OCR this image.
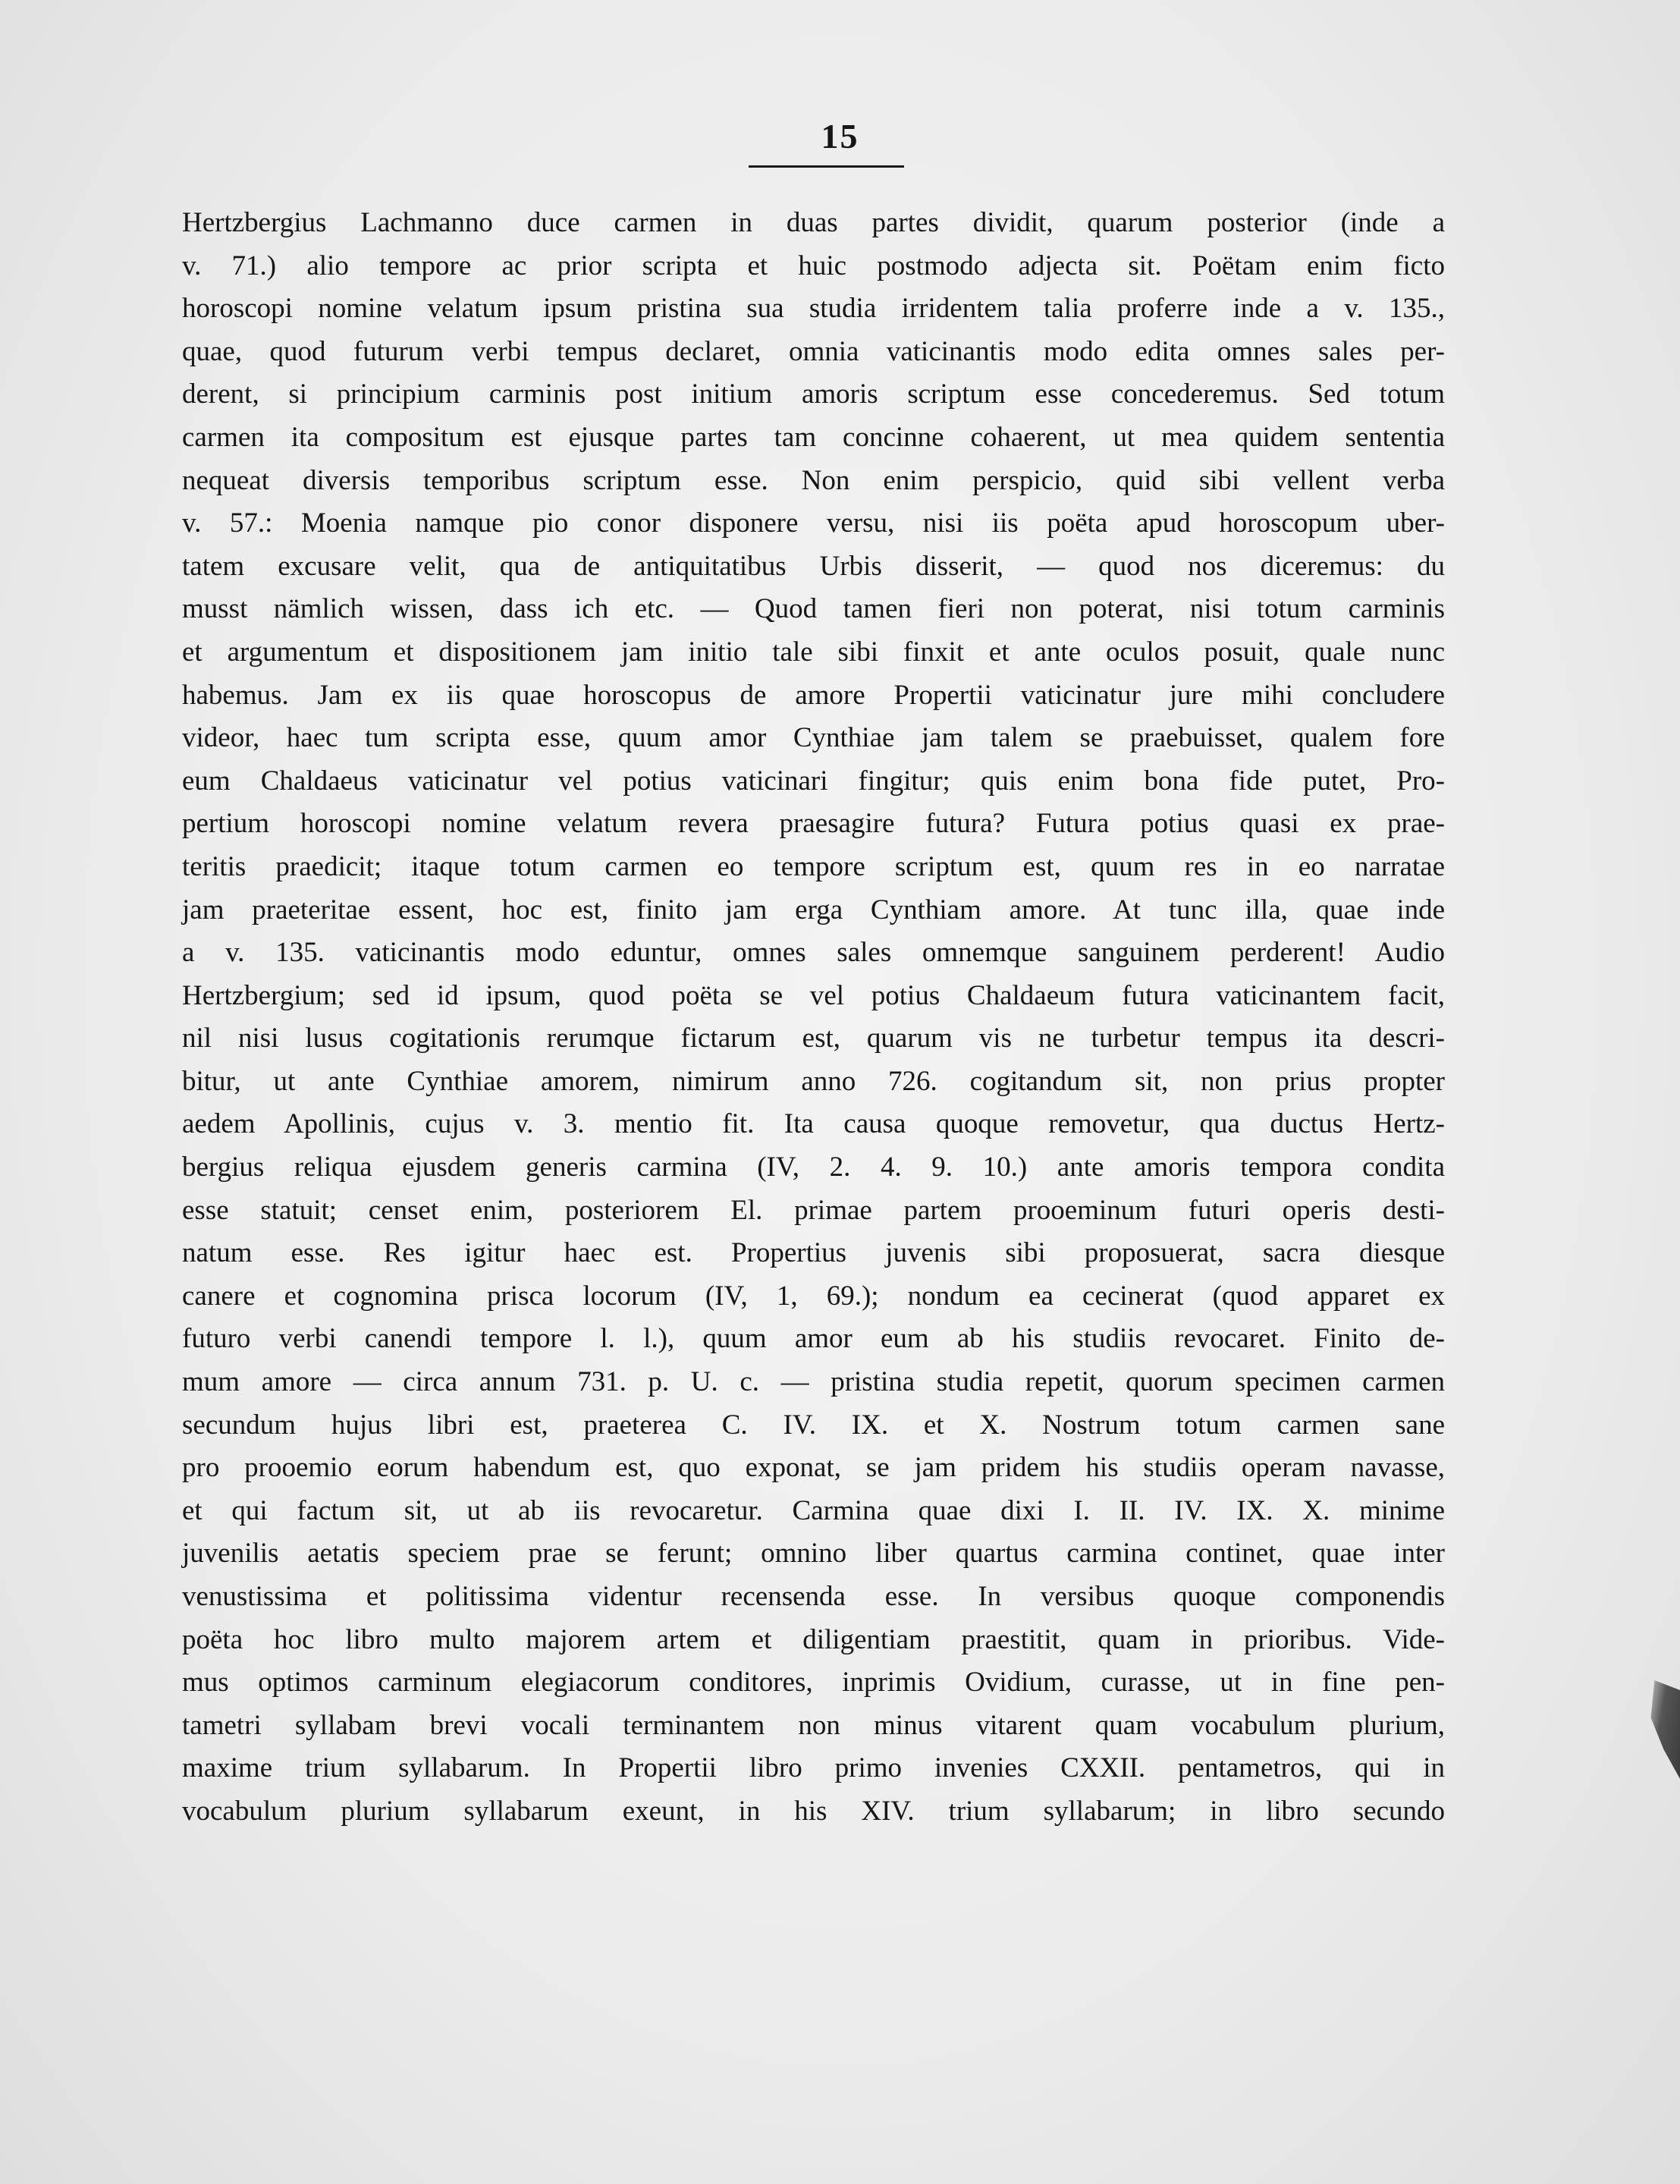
15
Hertzbergius Lachmanno duce carmen in duas partes dividit, quarum posterior (inde a
v. 71.) alio tempore ac prior scripta et huic postmodo adjecta sit. Poëtam enim ficto
horoscopi nomine velatum ipsum pristina sua studia irridentem talia proferre inde a v. 135.,
quae, quod futurum verbi tempus declaret, omnia vaticinantis modo edita omnes sales per-
derent, si principium carminis post initium amoris scriptum esse concederemus. Sed totum
carmen ita compositum est ejusque partes tam concinne cohaerent, ut mea quidem sententia
nequeat diversis temporibus scriptum esse. Non enim perspicio, quid sibi vellent verba
v. 57.: Moenia namque pio conor disponere versu, nisi iis poëta apud horoscopum uber-
tatem excusare velit, qua de antiquitatibus Urbis disserit, — quod nos diceremus: du
musst nämlich wissen, dass ich etc. — Quod tamen fieri non poterat, nisi totum carminis
et argumentum et dispositionem jam initio tale sibi finxit et ante oculos posuit, quale nunc
habemus. Jam ex iis quae horoscopus de amore Propertii vaticinatur jure mihi concludere
videor, haec tum scripta esse, quum amor Cynthiae jam talem se praebuisset, qualem fore
eum Chaldaeus vaticinatur vel potius vaticinari fingitur; quis enim bona fide putet, Pro-
pertium horoscopi nomine velatum revera praesagire futura? Futura potius quasi ex prae-
teritis praedicit; itaque totum carmen eo tempore scriptum est, quum res in eo narratae
jam praeteritae essent, hoc est, finito jam erga Cynthiam amore. At tunc illa, quae inde
a v. 135. vaticinantis modo eduntur, omnes sales omnemque sanguinem perderent! Audio
Hertzbergium; sed id ipsum, quod poëta se vel potius Chaldaeum futura vaticinantem facit,
nil nisi lusus cogitationis rerumque fictarum est, quarum vis ne turbetur tempus ita descri-
bitur, ut ante Cynthiae amorem, nimirum anno 726. cogitandum sit, non prius propter
aedem Apollinis, cujus v. 3. mentio fit. Ita causa quoque removetur, qua ductus Hertz-
bergius reliqua ejusdem generis carmina (IV, 2. 4. 9. 10.) ante amoris tempora condita
esse statuit; censet enim, posteriorem El. primae partem prooeminum futuri operis desti-
natum esse. Res igitur haec est. Propertius juvenis sibi proposuerat, sacra diesque
canere et cognomina prisca locorum (IV, 1, 69.); nondum ea cecinerat (quod apparet ex
futuro verbi canendi tempore l. l.), quum amor eum ab his studiis revocaret. Finito de-
mum amore — circa annum 731. p. U. c. — pristina studia repetit, quorum specimen carmen
secundum hujus libri est, praeterea C. IV. IX. et X. Nostrum totum carmen sane
pro prooemio eorum habendum est, quo exponat, se jam pridem his studiis operam navasse,
et qui factum sit, ut ab iis revocaretur. Carmina quae dixi I. II. IV. IX. X. minime
juvenilis aetatis speciem prae se ferunt; omnino liber quartus carmina continet, quae inter
venustissima et politissima videntur recensenda esse. In versibus quoque componendis
poëta hoc libro multo majorem artem et diligentiam praestitit, quam in prioribus. Vide-
mus optimos carminum elegiacorum conditores, inprimis Ovidium, curasse, ut in fine pen-
tametri syllabam brevi vocali terminantem non minus vitarent quam vocabulum plurium,
maxime trium syllabarum. In Propertii libro primo invenies CXXII. pentametros, qui in
vocabulum plurium syllabarum exeunt, in his XIV. trium syllabarum; in libro secundo
